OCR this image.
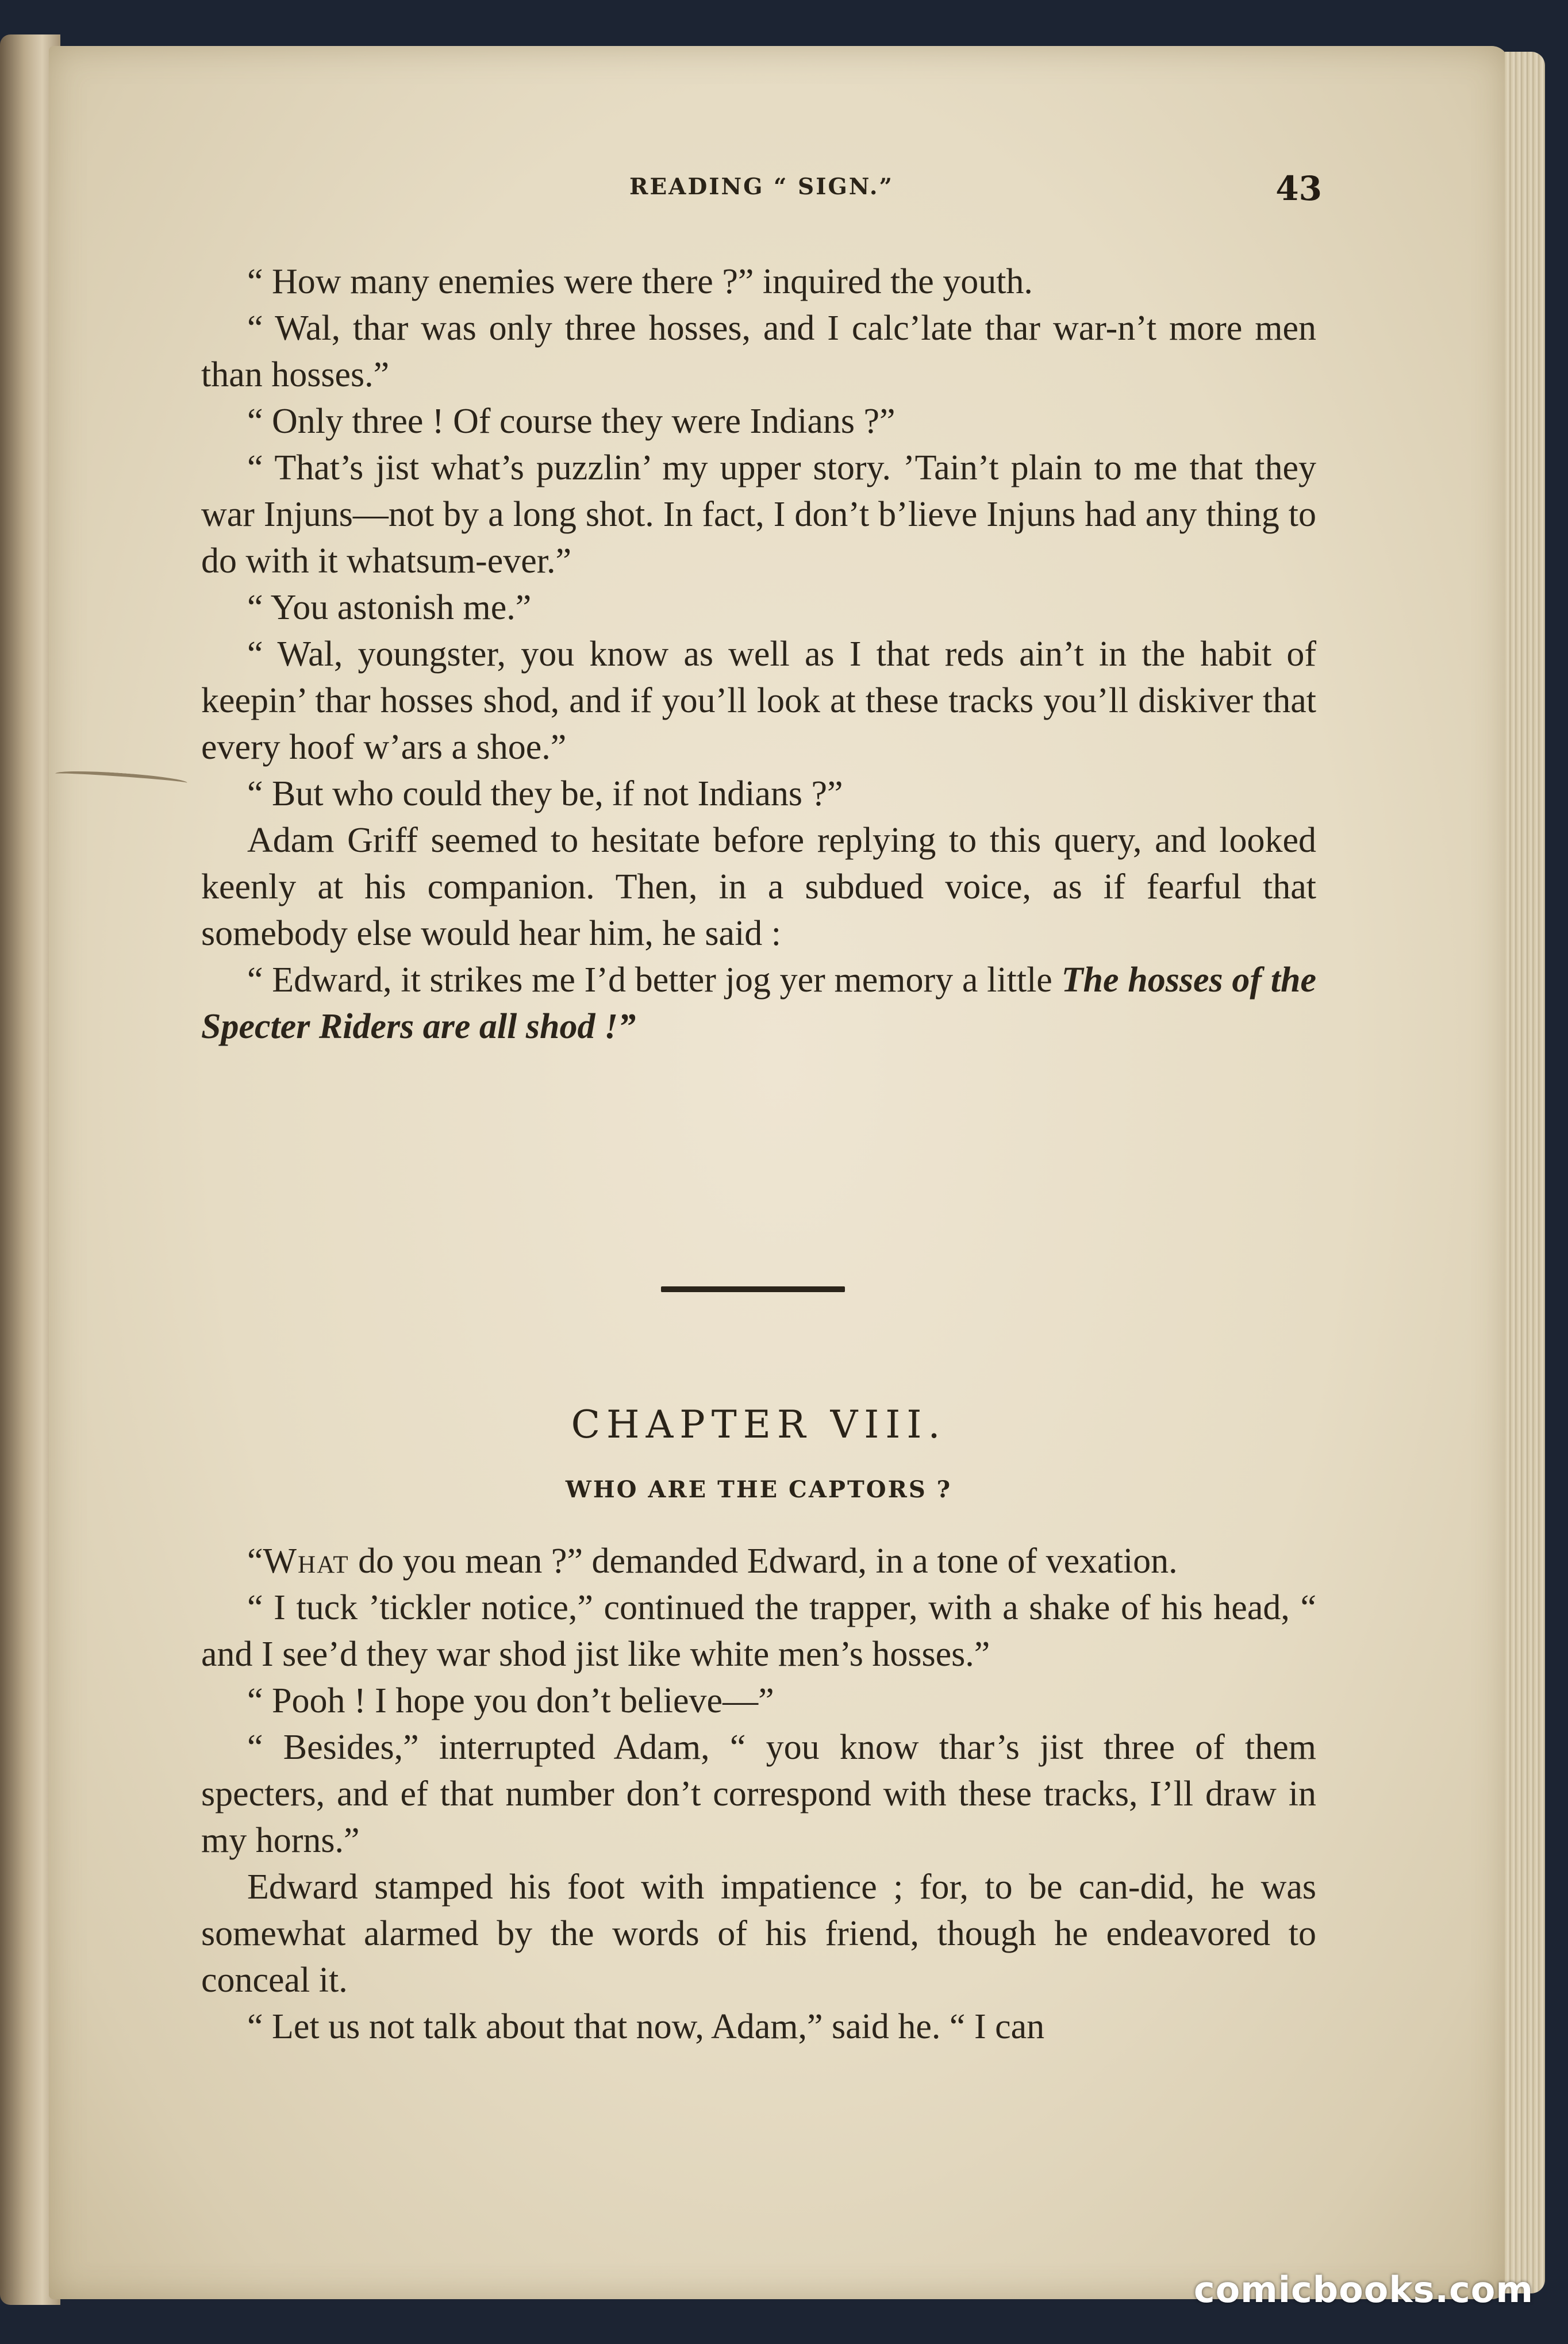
READING “ SIGN.”	43

“ How many enemies were there ?” inquired the youth.

“ Wal, thar was only three hosses, and I calc’late thar war-n’t more men than hosses.”

“ Only three ! Of course they were Indians ?”

“ That’s jist what’s puzzlin’ my upper story. ’Tain’t plain to me that they war Injuns—not by a long shot. In fact, I don’t b’lieve Injuns had any thing to do with it whatsum-ever.”

“ You astonish me.”

“ Wal, youngster, you know as well as I that reds ain’t in the habit of keepin’ thar hosses shod, and if you’ll look at these tracks you’ll diskiver that every hoof w’ars a shoe.”

“ But who could they be, if not Indians ?”

Adam Griff seemed to hesitate before replying to this query, and looked keenly at his companion. Then, in a subdued voice, as if fearful that somebody else would hear him, he said :

“ Edward, it strikes me I’d better jog yer memory a little The hosses of the Specter Riders are all shod !”

CHAPTER VIII.
WHO ARE THE CAPTORS ?

“What do you mean ?” demanded Edward, in a tone of vexation.

“ I tuck ’tickler notice,” continued the trapper, with a shake of his head, “ and I see’d they war shod jist like white men’s hosses.”

“ Pooh ! I hope you don’t believe—”

“ Besides,” interrupted Adam, “ you know thar’s jist three of them specters, and ef that number don’t correspond with these tracks, I’ll draw in my horns.”

Edward stamped his foot with impatience ; for, to be can-did, he was somewhat alarmed by the words of his friend, though he endeavored to conceal it.

“ Let us not talk about that now, Adam,” said he. “ I can

comicbooks.com
